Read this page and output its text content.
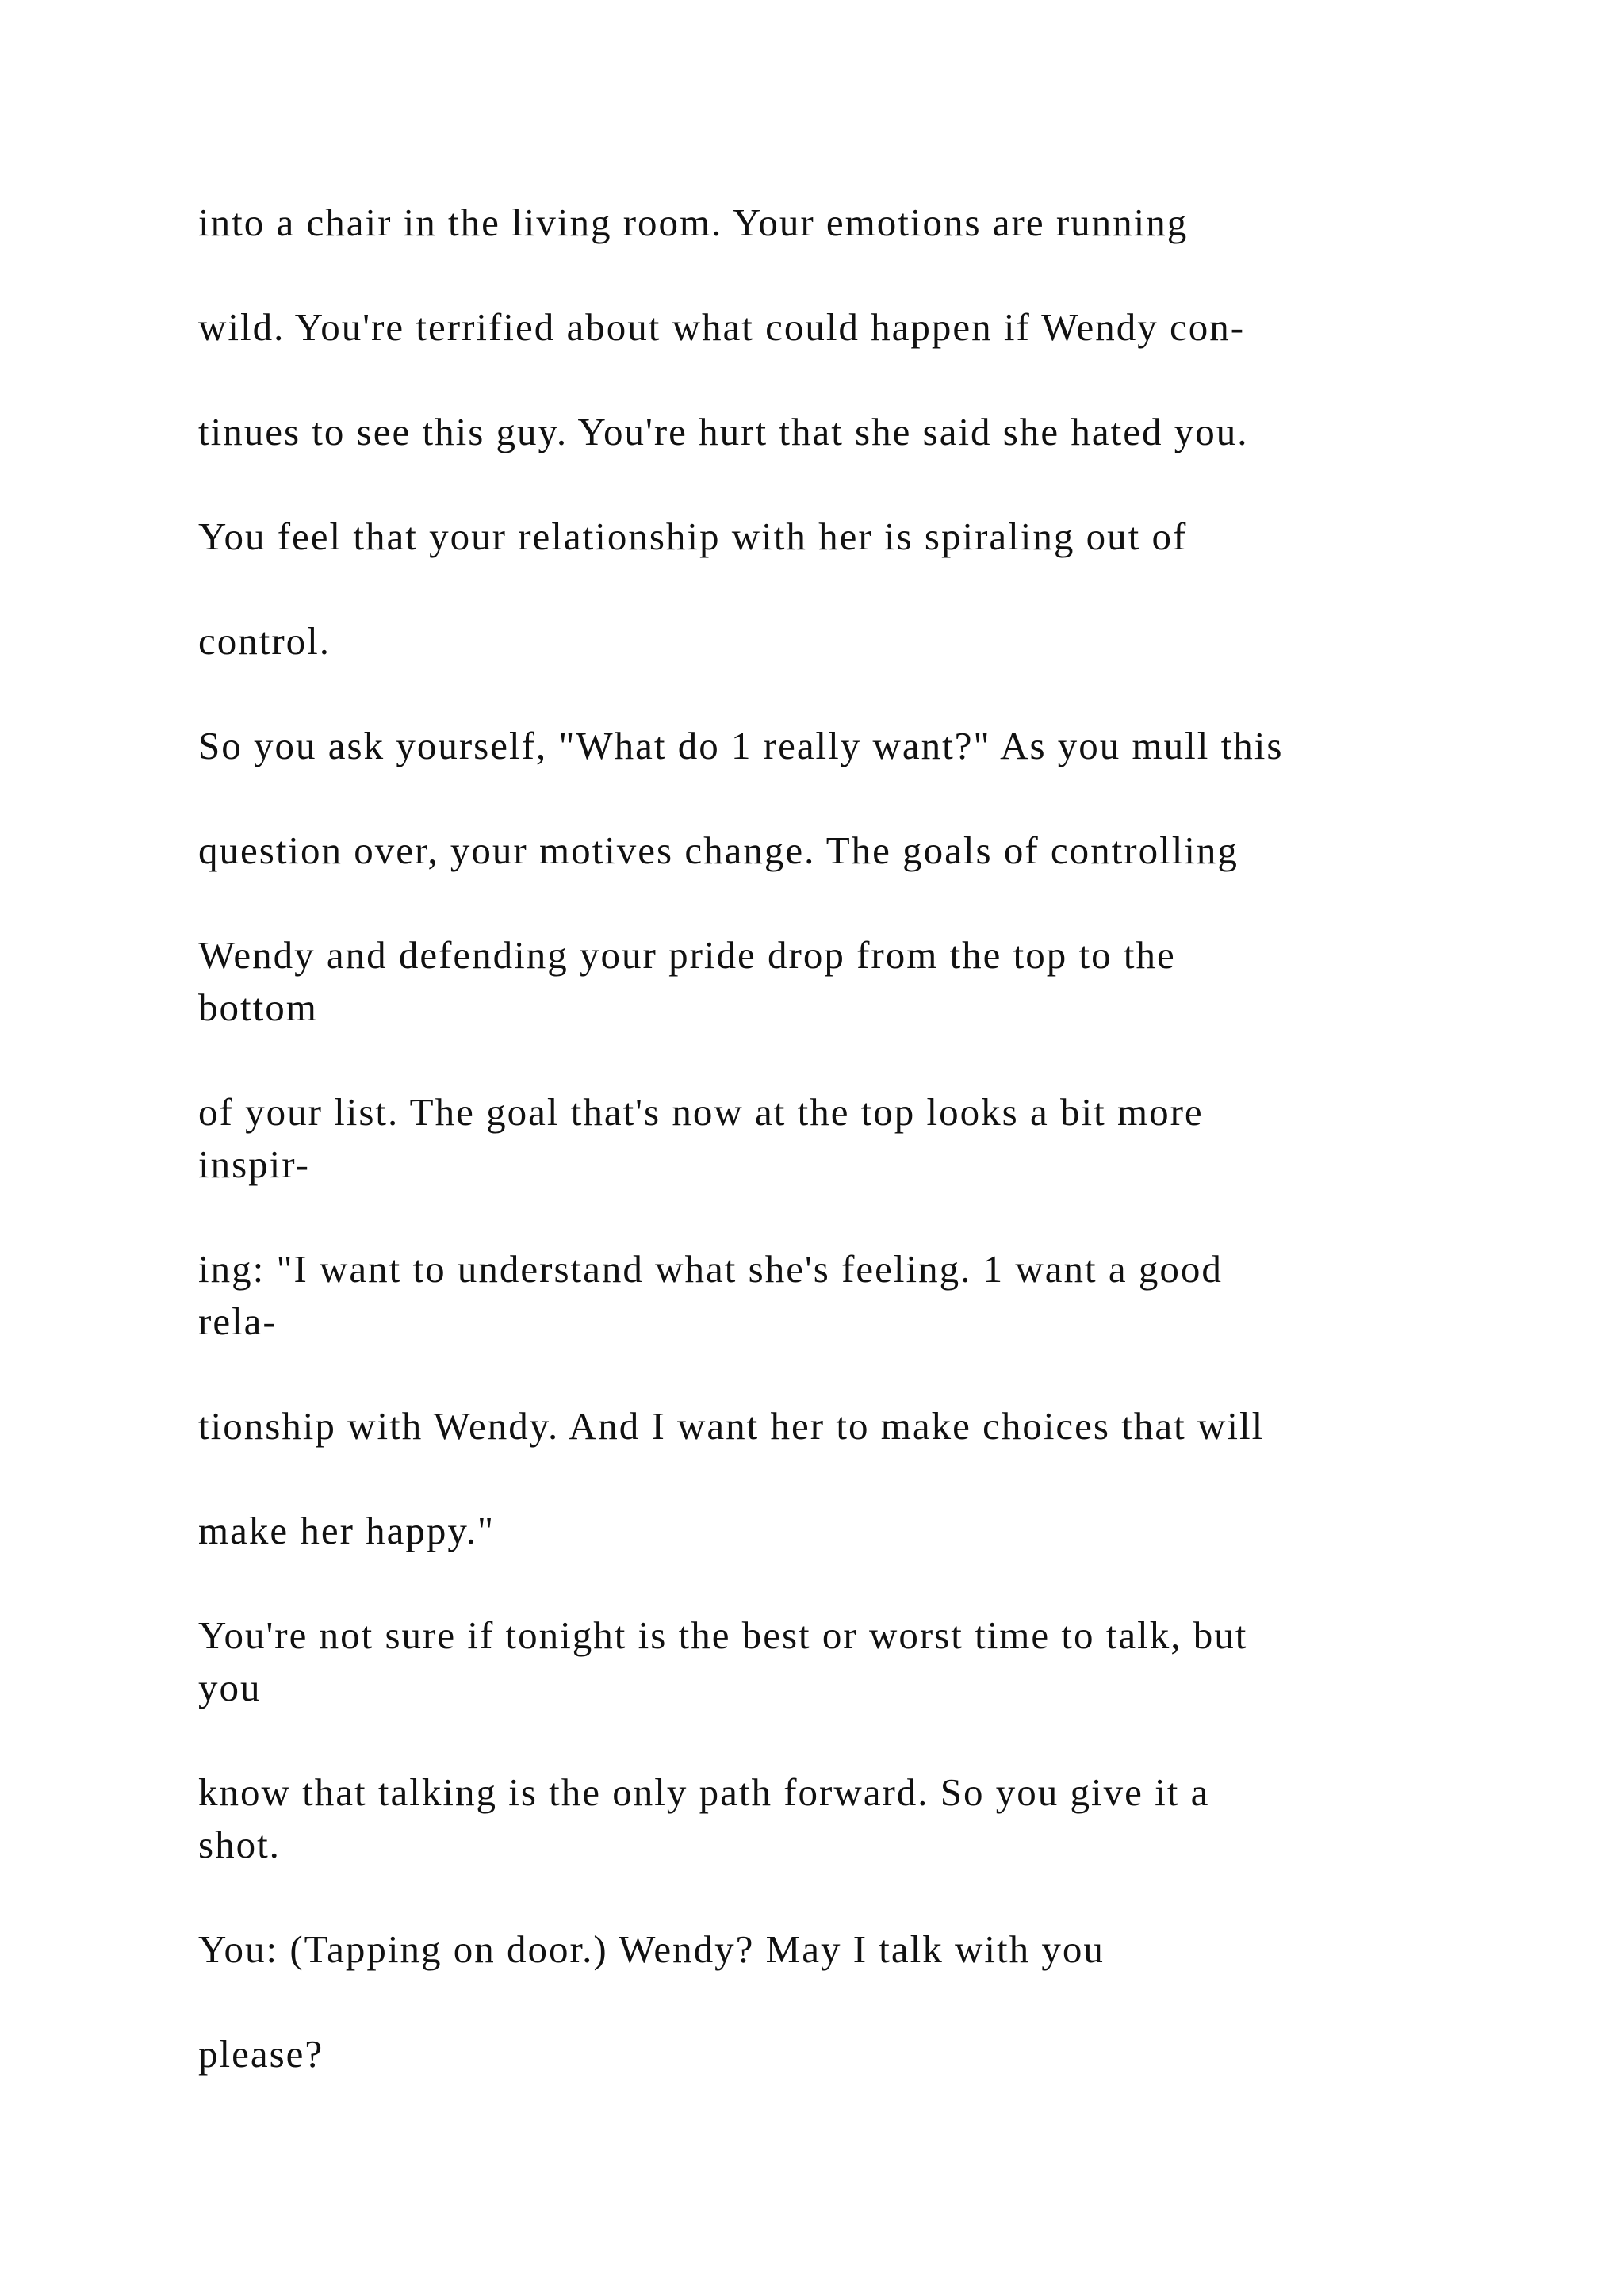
into a chair in the living room. Your emotions are running

wild. You're terrified about what could happen if Wendy con-

tinues to see this guy. You're hurt that she said she hated you.

You feel that your relationship with her is spiraling out of

control.

So you ask yourself, "What do 1 really want?" As you mull this

question over, your motives change. The goals of controlling

Wendy and defending your pride drop from the top to the

bottom

of your list. The goal that's now at the top looks a bit more

inspir-

ing: "I want to understand what she's feeling. 1 want a good

rela-

tionship with Wendy. And I want her to make choices that will

make her happy."

You're not sure if tonight is the best or worst time to talk, but

you

know that talking is the only path forward. So you give it a

shot.

You: (Tapping on door.) Wendy? May I talk with you

please?
